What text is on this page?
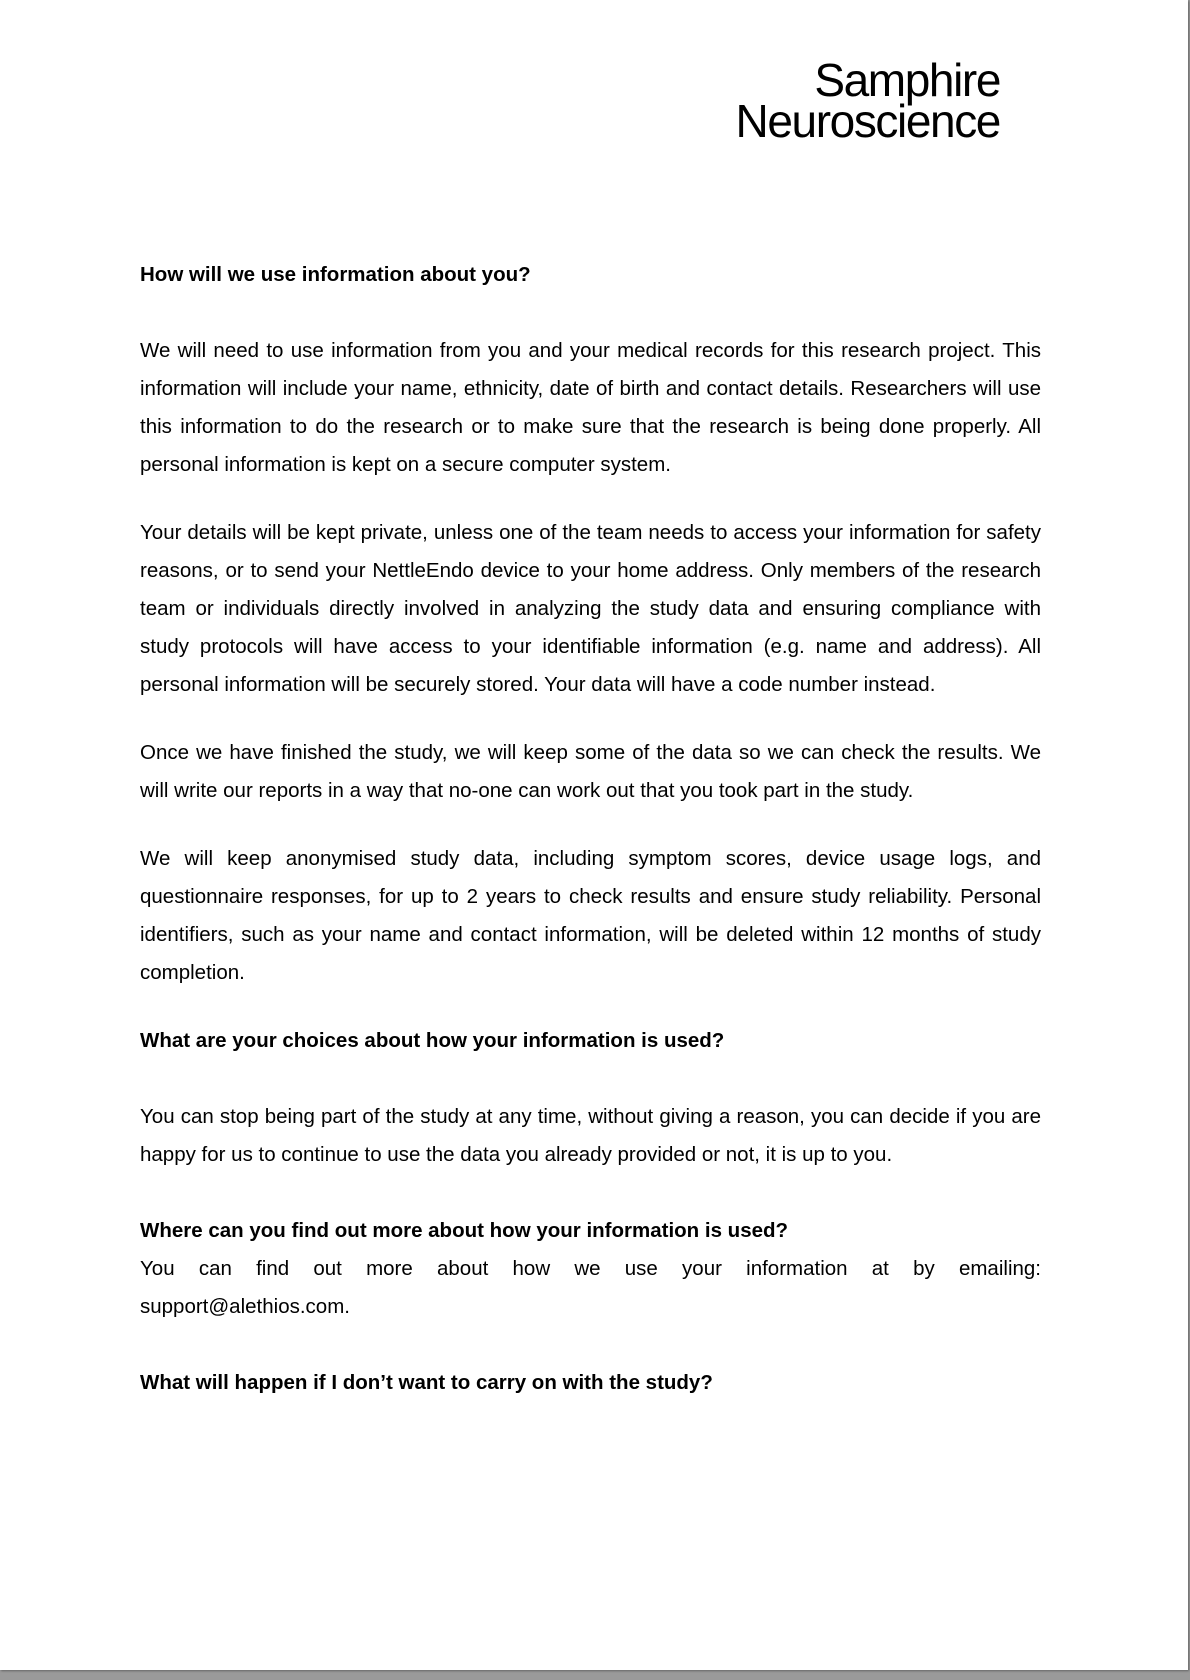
Samphire
Neuroscience

How will we use information about you?

We will need to use information from you and your medical records for this research project. This information will include your name, ethnicity, date of birth and contact details. Researchers will use this information to do the research or to make sure that the research is being done properly. All personal information is kept on a secure computer system.

Your details will be kept private, unless one of the team needs to access your information for safety reasons, or to send your NettleEndo device to your home address. Only members of the research team or individuals directly involved in analyzing the study data and ensuring compliance with study protocols will have access to your identifiable information (e.g. name and address). All personal information will be securely stored. Your data will have a code number instead.

Once we have finished the study, we will keep some of the data so we can check the results. We will write our reports in a way that no-one can work out that you took part in the study.

We will keep anonymised study data, including symptom scores, device usage logs, and questionnaire responses, for up to 2 years to check results and ensure study reliability. Personal identifiers, such as your name and contact information, will be deleted within 12 months of study completion.

What are your choices about how your information is used?

You can stop being part of the study at any time, without giving a reason, you can decide if you are happy for us to continue to use the data you already provided or not, it is up to you.

Where can you find out more about how your information is used?

You can find out more about how we use your information at by emailing:
support@alethios.com.

What will happen if I don’t want to carry on with the study?
